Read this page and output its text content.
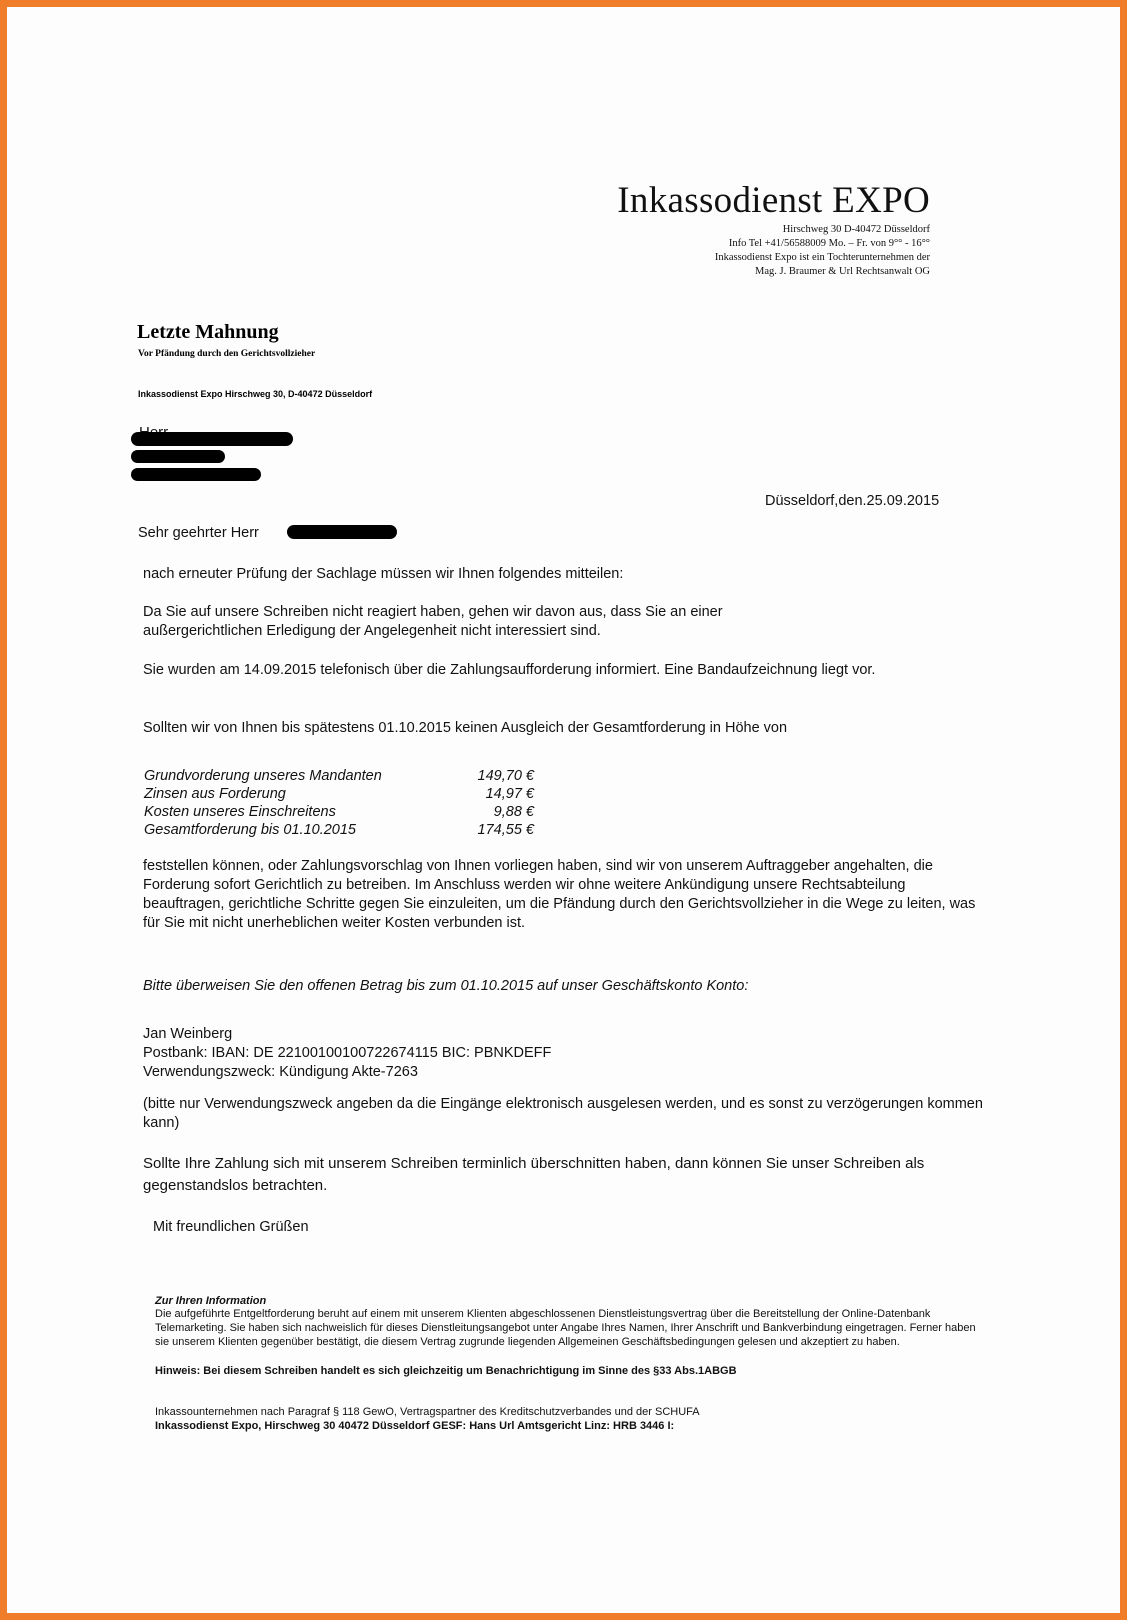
Inkassodienst EXPO
Hirschweg 30 D-40472 Düsseldorf
Info Tel +41/56588009 Mo. – Fr. von 9°° - 16°°
Inkassodienst Expo ist ein Tochterunternehmen der
Mag. J. Braumer & Url Rechtsanwalt OG
Letzte Mahnung
Vor Pfändung durch den Gerichtsvollzieher
Inkassodienst Expo Hirschweg 30, D-40472 Düsseldorf
Düsseldorf,den.25.09.2015
Sehr geehrter Herr
nach erneuter Prüfung der Sachlage müssen wir Ihnen folgendes mitteilen:
Da Sie auf unsere Schreiben nicht reagiert haben, gehen wir davon aus, dass Sie an einer außergerichtlichen Erledigung der Angelegenheit nicht interessiert sind.
Sie wurden am 14.09.2015 telefonisch über die Zahlungsaufforderung informiert. Eine Bandaufzeichnung liegt vor.
Sollten wir von Ihnen bis spätestens 01.10.2015 keinen Ausgleich der Gesamtforderung in Höhe von
Grundvorderung unseres Mandanten	149,70 €
Zinsen aus Forderung	14,97 €
Kosten unseres Einschreitens	9,88 €
Gesamtforderung bis 01.10.2015	174,55 €
feststellen können, oder Zahlungsvorschlag von Ihnen vorliegen haben, sind wir von unserem Auftraggeber angehalten, die Forderung sofort Gerichtlich zu betreiben. Im Anschluss werden wir ohne weitere Ankündigung unsere Rechtsabteilung beauftragen, gerichtliche Schritte gegen Sie einzuleiten, um die Pfändung durch den Gerichtsvollzieher in die Wege zu leiten, was für Sie mit nicht unerheblichen weiter Kosten verbunden ist.
Bitte überweisen Sie den offenen Betrag bis zum 01.10.2015 auf unser Geschäftskonto Konto:
Jan Weinberg
Postbank: IBAN: DE 22100100100722674115 BIC: PBNKDEFF
Verwendungszweck: Kündigung Akte-7263
(bitte nur Verwendungszweck angeben da die Eingänge elektronisch ausgelesen werden, und es sonst zu verzögerungen kommen kann)
Sollte Ihre Zahlung sich mit unserem Schreiben terminlich überschnitten haben, dann können Sie unser Schreiben als gegenstandslos betrachten.
Mit freundlichen Grüßen
Zur Ihren Information
Die aufgeführte Entgeltforderung beruht auf einem mit unserem Klienten abgeschlossenen Dienstleistungsvertrag über die Bereitstellung der Online-Datenbank Telemarketing. Sie haben sich nachweislich für dieses Dienstleitungsangebot unter Angabe Ihres Namen, Ihrer Anschrift und Bankverbindung eingetragen. Ferner haben sie unserem Klienten gegenüber bestätigt, die diesem Vertrag zugrunde liegenden Allgemeinen Geschäftsbedingungen gelesen und akzeptiert zu haben.
Hinweis: Bei diesem Schreiben handelt es sich gleichzeitig um Benachrichtigung im Sinne des §33 Abs.1ABGB
Inkassounternehmen nach Paragraf § 118 GewO, Vertragspartner des Kreditschutzverbandes und der SCHUFA
Inkassodienst Expo, Hirschweg 30 40472 Düsseldorf GESF: Hans Url Amtsgericht Linz: HRB 3446 I:
